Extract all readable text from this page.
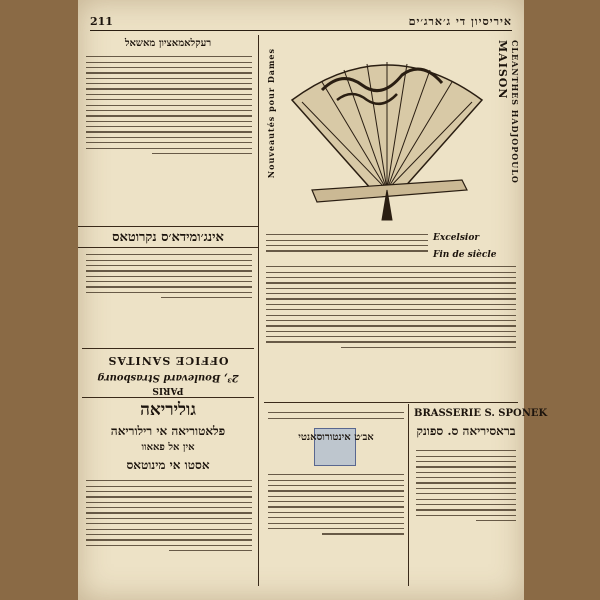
211	איריסיון די ג׳ארג׳ים
רעקלאמאציון מאשאל
אינג׳ומידא׳ס נקרוטאס
PARIS
2³, Boulevard Strasbourg
OFFICE SANITAS
גוליריאה
פלאטוריאה אי רילוריאה
אין אל פאאוו
אסטו אי מינוטאס
Nouveautés pour Dames	MAISON CLEANTHES HADJOPOULO
Excelsior
Fin de siècle
BRASSERIE S. SPONEK
בראסיריאה ס. ספונק
אב׳ט אינטורוסאנטי
